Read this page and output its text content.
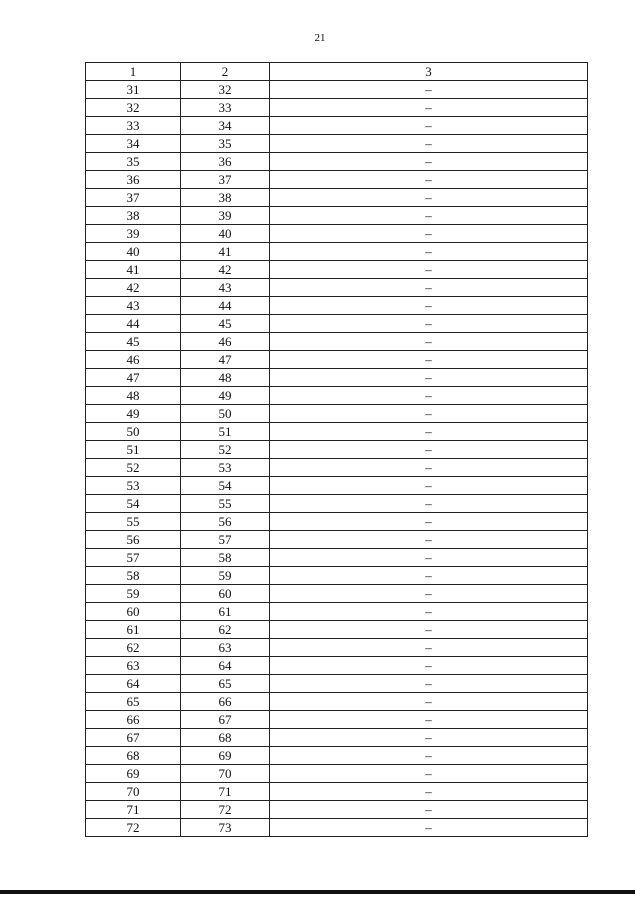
21
1	2	3
31	32	–
32	33	–
33	34	–
34	35	–
35	36	–
36	37	–
37	38	–
38	39	–
39	40	–
40	41	–
41	42	–
42	43	–
43	44	–
44	45	–
45	46	–
46	47	–
47	48	–
48	49	–
49	50	–
50	51	–
51	52	–
52	53	–
53	54	–
54	55	–
55	56	–
56	57	–
57	58	–
58	59	–
59	60	–
60	61	–
61	62	–
62	63	–
63	64	–
64	65	–
65	66	–
66	67	–
67	68	–
68	69	–
69	70	–
70	71	–
71	72	–
72	73	–
